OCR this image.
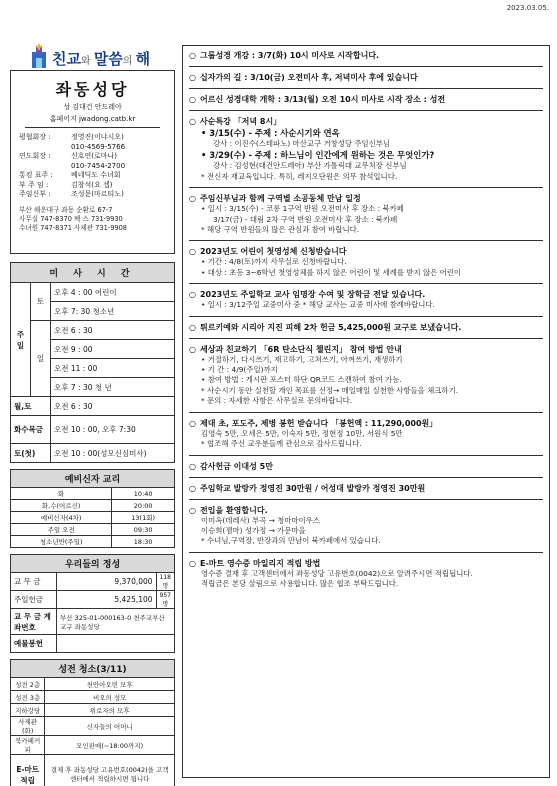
2023.03.05.
친교와 말씀의 해
좌동성당
성 김대건 안드레아
홈페이지 jwadong.catb.kr
평협회장 :	정영진(이냐시오)
010-4569-5766
연도회장 :	신호연(로마나)
010-7454-2700
통킹 표주 :	베네딕도 수녀회
부 주 임 :	김창석(요 셉)
주임신부 :	조성문(마르티노)
부산 해운대구 좌동 순환로 67-7
사무실 747-8370 팩 스 731-9930
수녀원 747-8371 사제관 731-9908
미 사 시 간		
주일	토	오후 4 : 00 어린이
		오후 7: 30 청소년
	일	오전 6 : 30
		오전 9 : 00
		오전 11 : 00
		오후 7 : 30 청 년
월,토		오전 6 : 30
화수목금		오전 10 : 00, 오후 7:30
토(첫)		오전 10 : 00(성모신심미사)
예비신자 교리	
화	10:40
화,수(어르신)	20:00
예비신자(4차)	13(1회)
주일 오전	09:30
청소년반(주일)	18:30
우리들의 정성		
교 무 금	9,370,000	118명
주일헌금	5,425,100	957명
교 무 금 계좌번호	부산 325-01-000163-0 천주교부산교구 좌동성당	
예물봉헌		
성전 청소(3/11)	
성전 2층	천안아오빈 모후
성전 3층	비오의 성모
지하강당	위로자의 모후
사제관(화)	신자들의 어머니
북카페커피	모인판매(~18:00까지)
E-마트 적립	결제 후 좌동성당 고유번호(0042)을 고객센터에서 적립하시면 됩니다
○ 그룹성경 개강 : 3/7(화) 10시 미사로 시작합니다.
○ 십자가의 길 : 3/10(금) 오전미사 후, 저녁미사 후에 있습니다
○ 어르신 성경대학 개학 : 3/13(월) 오전 10시 미사로 시작 장소 : 성전
○ 사순특강 「저녁 8시」
• 3/15(수) - 주제 : 사순시기와 연옥
강사 : 이진수(스테파노) 마산교구 거창성당 주임신부님
• 3/29(수) - 주제 : 하느님이 인간에게 원하는 것은 무엇인가?
강사 : 김성현(대건안드레아) 부산 가톨릭대 교무처장 신부님
* 전신자 재교육입니다. 특히, 레지오단원은 의무 참석입니다.
○ 주임신부님과 함께 구역별 소공동체 만남 일정
• 일시 : 3/15(수) - 코롱 1구역 반원 오전미사 후 장소 : 북카페
3/17(금) - 대림 2차 구역 반원 오전미사 후 장소 : 북카페
* 해당 구역 반원들의 많은 관심과 참여 바랍니다.
○ 2023년도 어린이 첫영성체 신청받습니다
• 기간 : 4/8(토)까지 사무실로 신청바랍니다.
• 대상 : 초등 3~6학년 첫영성체를 하지 않은 어린이 및 세례를 받지 않은 어린이
○ 2023년도 주일학교 교사 임명장 수여 및 장학금 전달 있습니다.
• 일시 : 3/12주일 교중미사 중 * 해당 교사는 교중 미사에 참례바랍니다.
○ 튀르키예와 시리아 지진 피해 2차 헌금 5,425,000원 교구로 보냈습니다.
○ 세상과 친교하기 「6R 탄소단식 챌린지」 참여 방법 안내
• 거절하기, 다시쓰기, 재고하기, 고쳐쓰기, 아껴쓰기, 재생하기
• 기 간 : 4/9(주일)까지
• 참여 방법 : 게시판 포스터 하단 QR코드 스캔하여 참여 가능.
* 사순시기 동안 실천할 개인 목표를 선정→ 매일매일 실천한 사항들을 체크하기.
* 문의 : 자세한 사항은 사무실로 문의바랍니다.
○ 제대 초, 포도주, 제병 봉헌 받습니다 「봉헌액 : 11,290,000원」
김영숙 5만, 오세은 5만, 이숙자 5만, 정현정 10만, 서원식 5만
* 협조해 주신 교우분들께 관심으로 감사드립니다.
○ 감사헌금 이대성 5만
○ 주임학교 발랑카 정영진 30만원 / 어성대 발랑카 정영진 30만원
○ 전입을 환영합니다.
이미옥(데레사) 부곡 → 청마마이우스
이승희(젬마) 성가정 → 가문마을
* 수녀님,구역장, 반장과의 만남이 북카페에서 있습니다.
○ E-마트 영수증 마일리지 적립 방법
영수증 결재 후 고객센터에서 좌동성당 고유번호(0042)으로 알려주시면 적립됩니다.
적립금은 본당 살림으로 사용합니다. 많은 협조 부탁드립니다.
